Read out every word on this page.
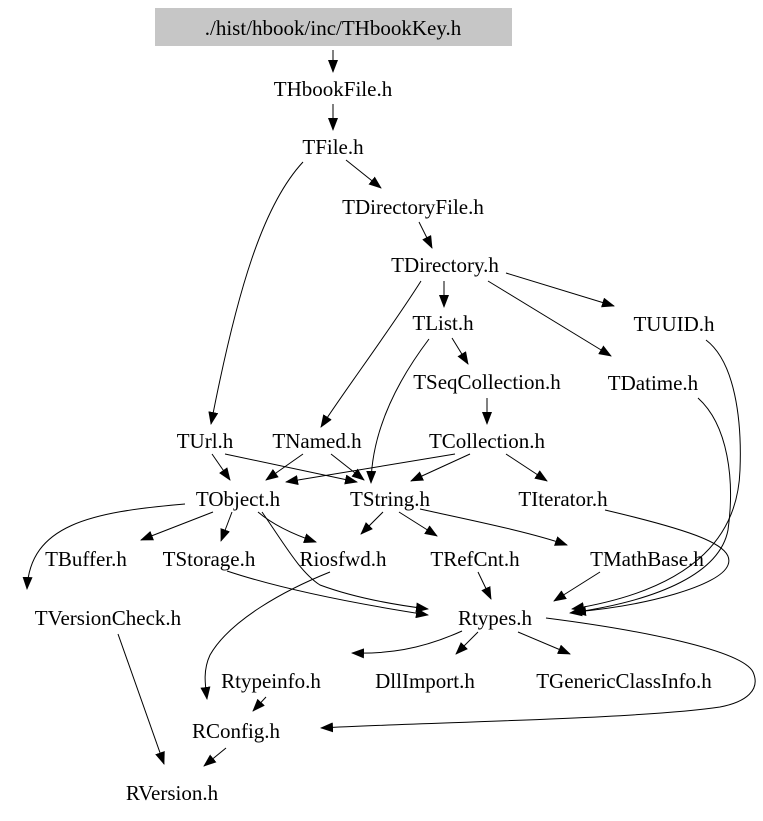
./hist/hbook/inc/THbookKey.h
THbookFile.h
TFile.h
TDirectoryFile.h
TDirectory.h
TList.h	TUUID.h
TSeqCollection.h TDatime.h
TUrl.h TNamed.h	TCollection.h
TObject.h	TString.h	TIterator.h
TBuffer.h TStorage.h Riosfwd.h TRefCnt.h	TMathBase.h
TVersionCheck.h	Rtypes.h
Rtypeinfo.h	DllImport.h	TGenericClassInfo.h
RConfig.h
RVersion.h
